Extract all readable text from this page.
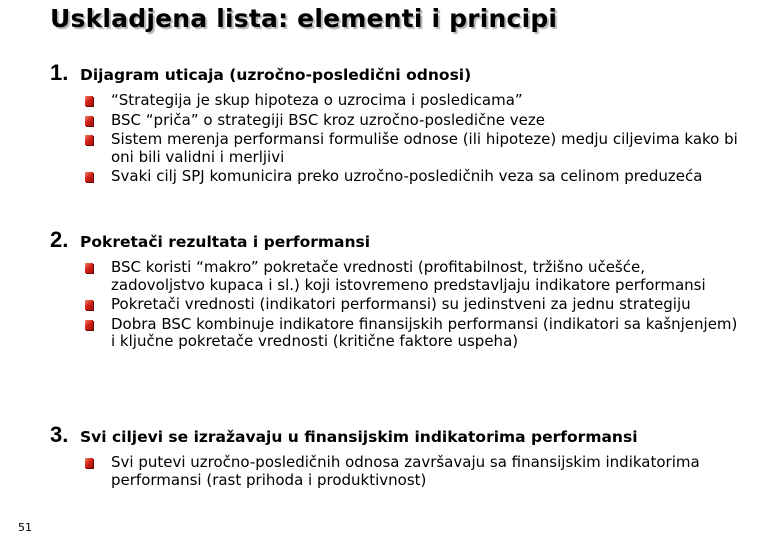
Uskladjena lista: elementi i principi
1. Dijagram uticaja (uzročno-posledični odnosi)
“Strategija je skup hipoteza o uzrocima i posledicama”
BSC “priča” o strategiji BSC kroz uzročno-posledične veze
Sistem merenja performansi formuliše odnose (ili hipoteze) medju ciljevima kako bi oni bili validni i merljivi
Svaki cilj SPJ komunicira preko uzročno-posledičnih veza sa celinom preduzeća
2. Pokretači rezultata i performansi
BSC koristi “makro” pokretače vrednosti (profitabilnost, tržišno učešće, zadovoljstvo kupaca i sl.) koji istovremeno predstavljaju indikatore performansi
Pokretači vrednosti (indikatori performansi) su jedinstveni za jednu strategiju
Dobra BSC kombinuje indikatore finansijskih performansi (indikatori sa kašnjenjem) i ključne pokretače vrednosti (kritične faktore uspeha)
3. Svi ciljevi se izražavaju u finansijskim indikatorima performansi
Svi putevi uzročno-posledičnih odnosa završavaju sa finansijskim indikatorima performansi (rast prihoda i produktivnost)
51
